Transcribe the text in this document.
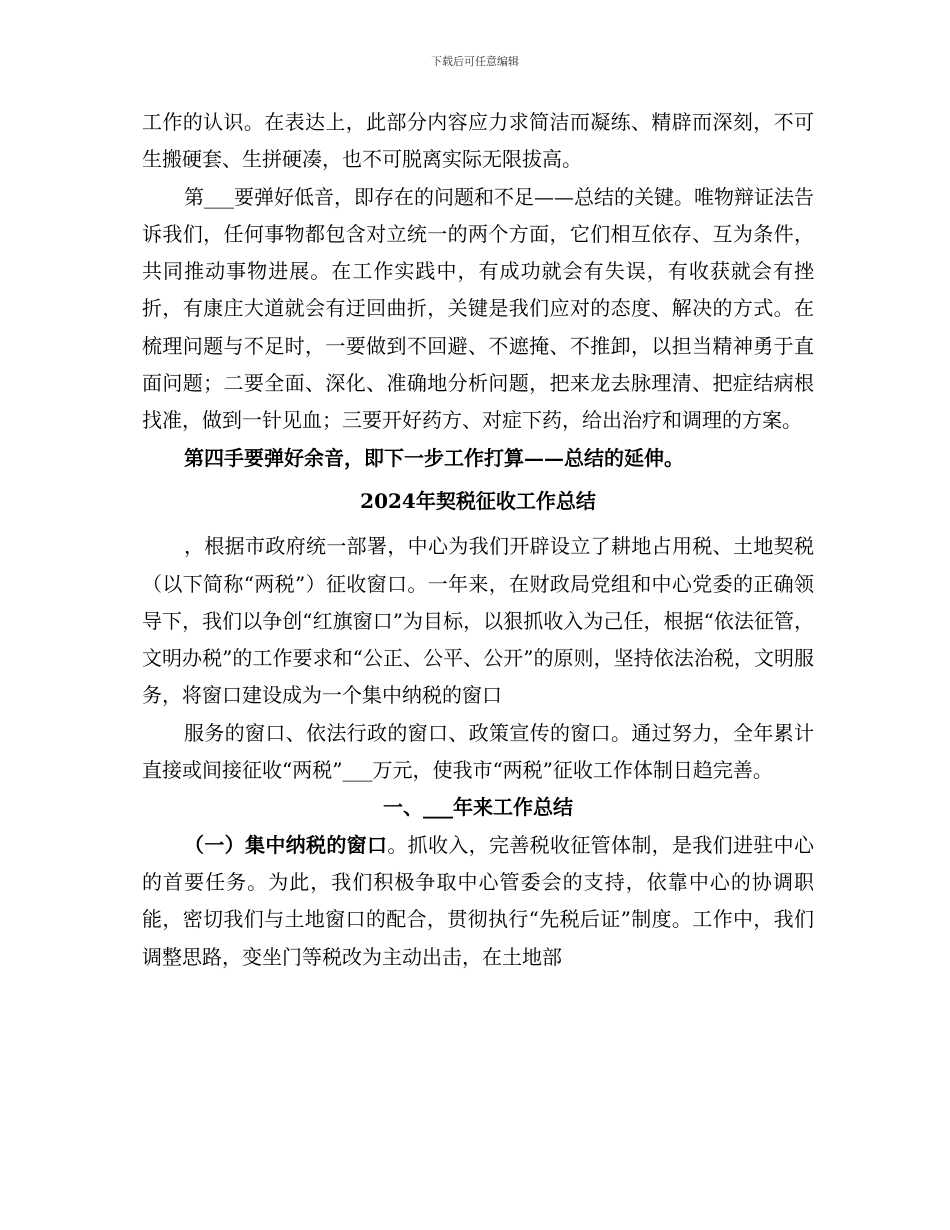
下载后可任意编辑

工作的认识。在表达上，此部分内容应力求简洁而凝练、精辟而深刻，不可生搬硬套、生拼硬凑，也不可脱离实际无限拔高。

第___要弹好低音，即存在的问题和不足——总结的关键。唯物辩证法告诉我们，任何事物都包含对立统一的两个方面，它们相互依存、互为条件，共同推动事物进展。在工作实践中，有成功就会有失误，有收获就会有挫折，有康庄大道就会有迂回曲折，关键是我们应对的态度、解决的方式。在梳理问题与不足时，一要做到不回避、不遮掩、不推卸，以担当精神勇于直面问题；二要全面、深化、准确地分析问题，把来龙去脉理清、把症结病根找准，做到一针见血；三要开好药方、对症下药，给出治疗和调理的方案。

第四手要弹好余音，即下一步工作打算——总结的延伸。

2024年契税征收工作总结

，根据市政府统一部署，中心为我们开辟设立了耕地占用税、土地契税（以下简称“两税”）征收窗口。一年来，在财政局党组和中心党委的正确领导下，我们以争创“红旗窗口”为目标，以狠抓收入为己任，根据“依法征管，文明办税”的工作要求和“公正、公平、公开”的原则，坚持依法治税，文明服务，将窗口建设成为一个集中纳税的窗口

服务的窗口、依法行政的窗口、政策宣传的窗口。通过努力，全年累计直接或间接征收“两税”___万元，使我市“两税”征收工作体制日趋完善。

一、___年来工作总结

（一）集中纳税的窗口。抓收入，完善税收征管体制，是我们进驻中心的首要任务。为此，我们积极争取中心管委会的支持，依靠中心的协调职能，密切我们与土地窗口的配合，贯彻执行“先税后证”制度。工作中，我们调整思路，变坐门等税改为主动出击，在土地部
